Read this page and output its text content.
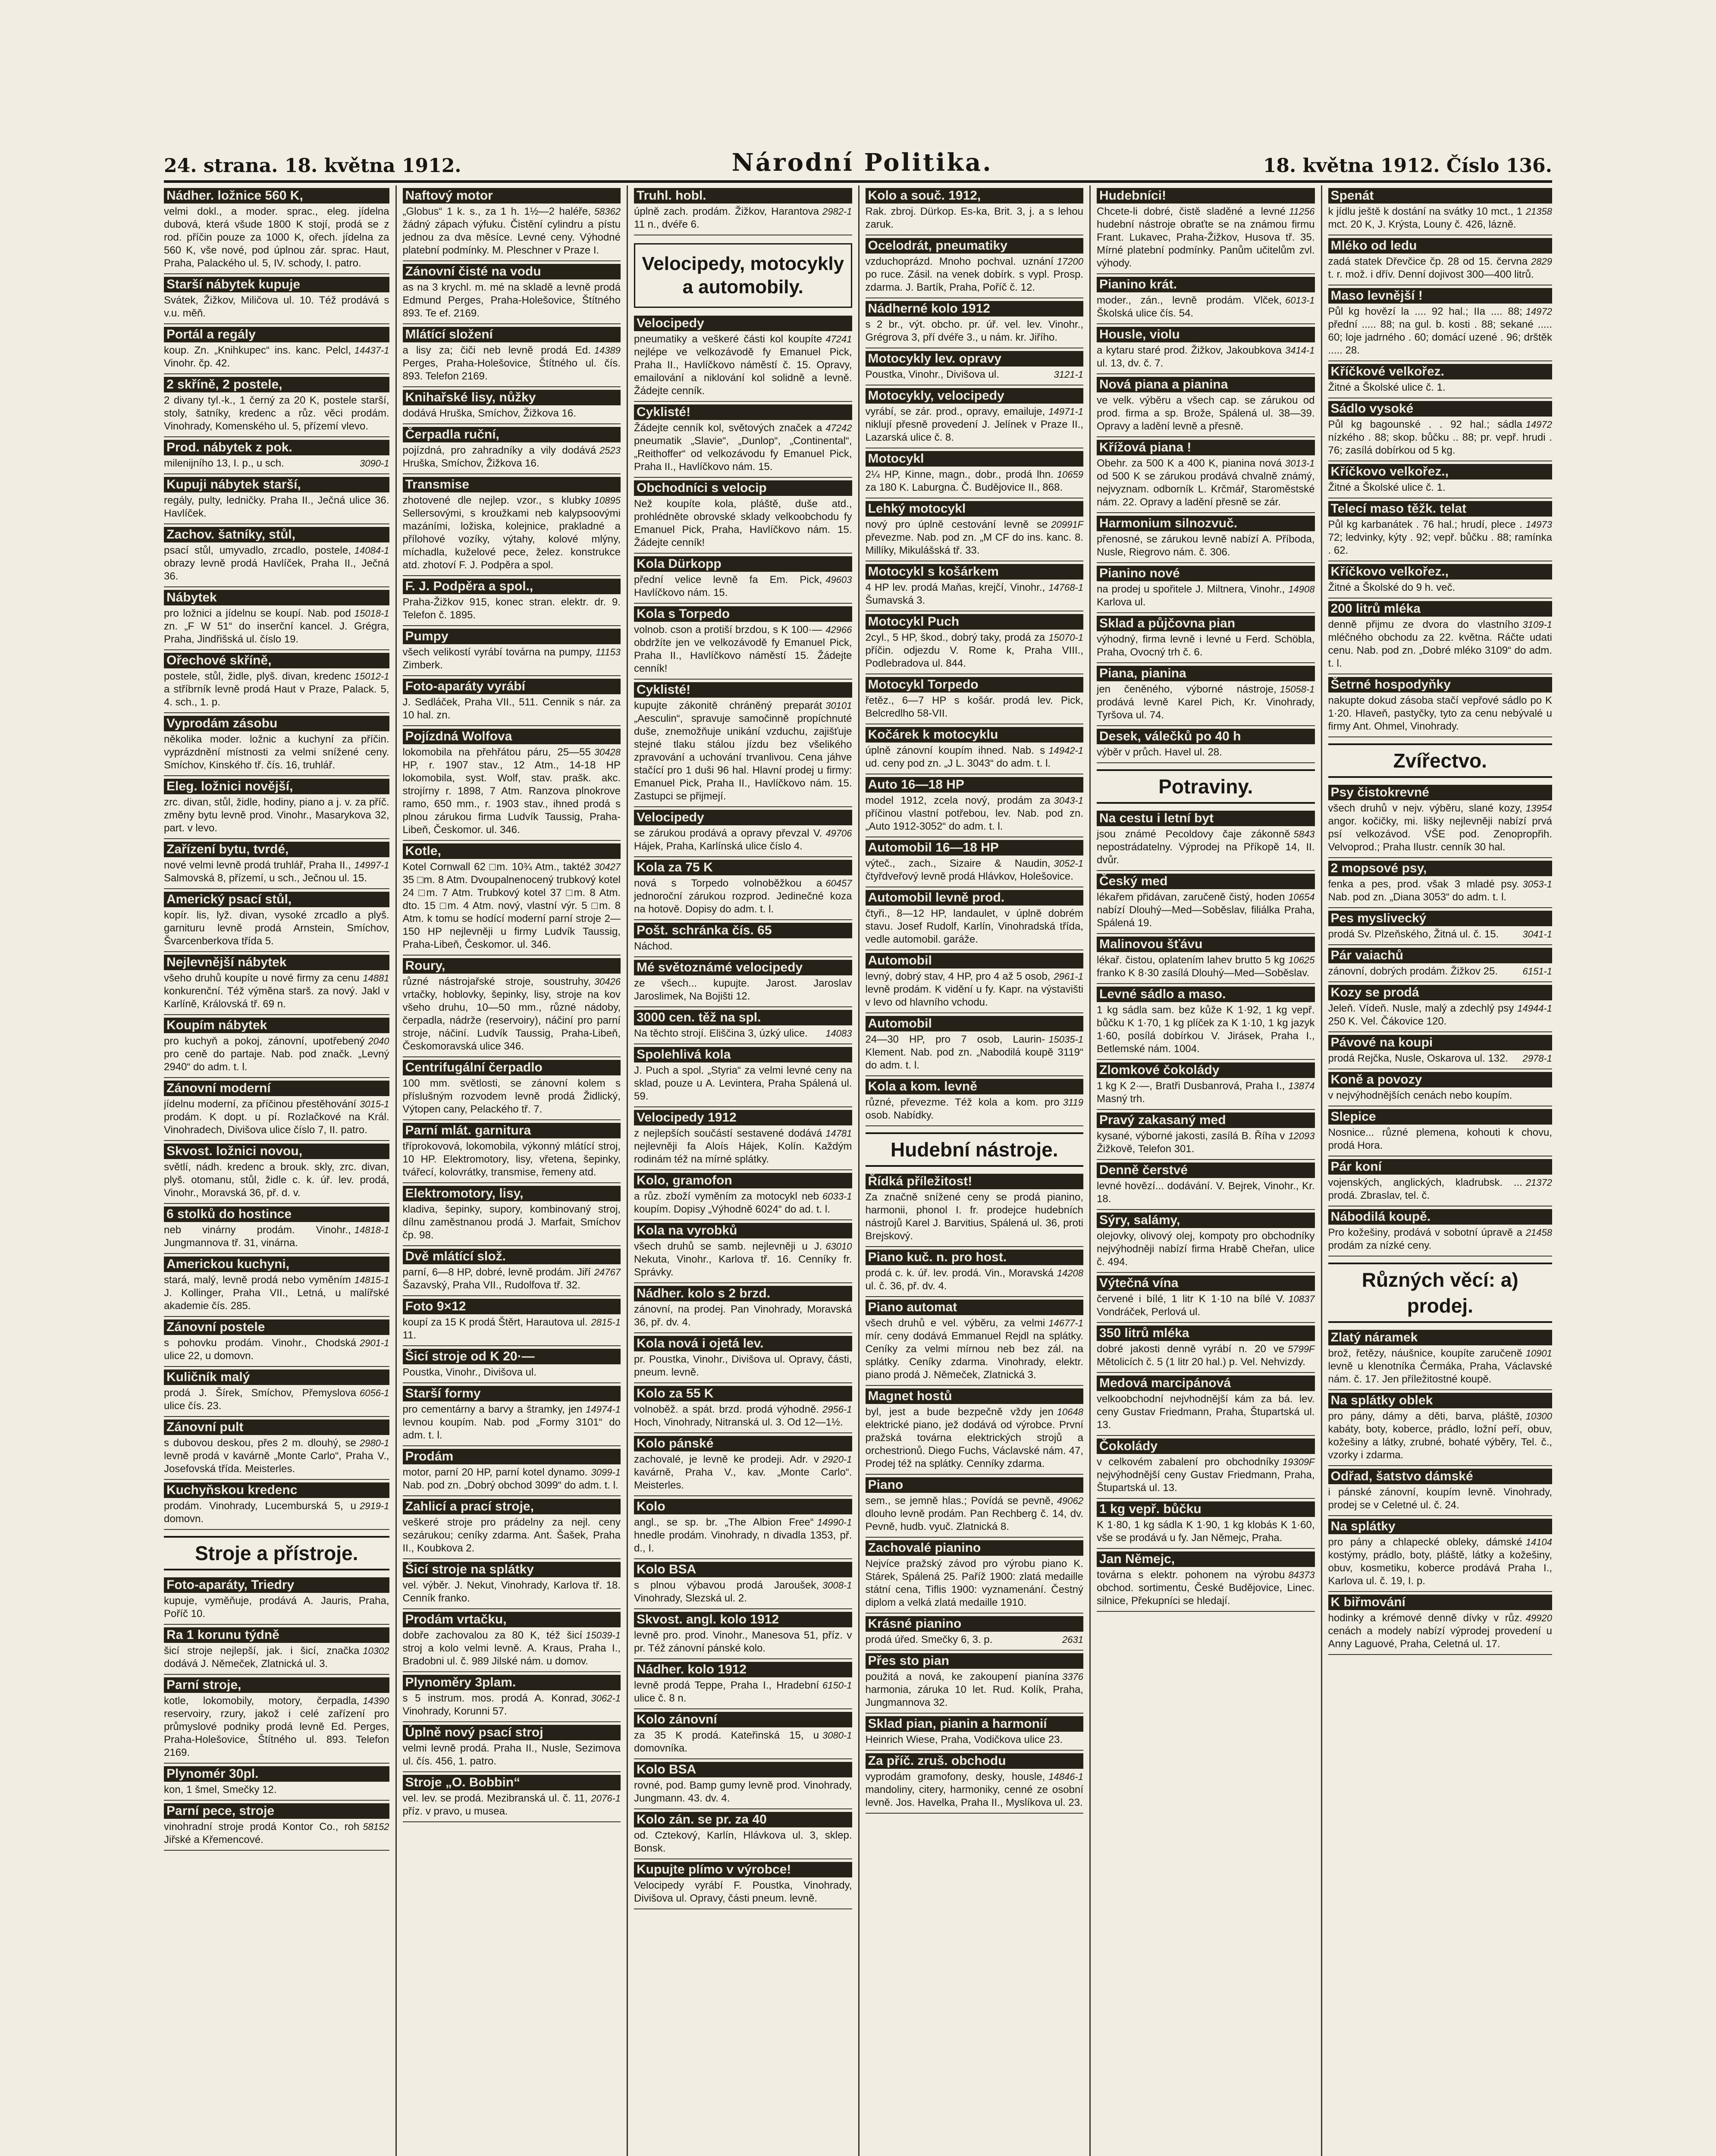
24. strana. 18. května 1912.	Národní Politika.	18. května 1912. Číslo 136.
Nádher. ložnice 560 K,
velmi dokl., a moder. sprac., eleg. jídelna dubová, která všude 1800 K stojí, prodá se z rod. příčin pouze za 1000 K, ořech. jídelna za 560 K, vše nové, pod úplnou zár. sprac. Haut, Praha, Palackého ul. 5, IV. schody, I. patro.
Starší nábytek kupuje
Svátek, Žižkov, Miličova ul. 10. Též prodává s v.u. měň.
Portál a regály
14437-1
koup. Zn. „Knihkupec“ ins. kanc. Pelcl, Vinohr. čp. 42.
2 skříně, 2 postele,
2 divany tyl.-k., 1 černý za 20 K, postele starší, stoly, šatníky, kredenc a růz. věci prodám. Vinohrady, Komenského ul. 5, přízemí vlevo.
Prod. nábytek z pok.
3090-1
milenijního 13, I. p., u sch.
Kupuji nábytek starší,
regály, pulty, ledničky. Praha II., Ječná ulice 36. Havlíček.
Zachov. šatníky, stůl,
14084-1
psací stůl, umyvadlo, zrcadlo, postele, obrazy levně prodá Havlíček, Praha II., Ječná 36.
Nábytek
15018-1
pro ložnici a jídelnu se koupí. Nab. pod zn. „F W 51“ do inserční kancel. J. Grégra, Praha, Jindřišská ul. číslo 19.
Ořechové skříně,
15012-1
postele, stůl, židle, plyš. divan, kredenc a stříbrník levně prodá Haut v Praze, Palack. 5, 4. sch., 1. p.
Vyprodám zásobu
několika moder. ložnic a kuchyní za příčin. vyprázdnění místnosti za velmi snížené ceny. Smíchov, Kinského tř. čís. 16, truhlář.
Eleg. ložnici novější,
zrc. divan, stůl, židle, hodiny, piano a j. v. za příč. změny bytu levně prod. Vinohr., Masarykova 32, part. v levo.
Zařízení bytu, tvrdé,
14997-1
nové velmi levně prodá truhlář, Praha II., Salmovská 8, přízemí, u sch., Ječnou ul. 15.
Americký psací stůl,
kopír. lis, lyž. divan, vysoké zrcadlo a plyš. garnituru levně prodá Arnstein, Smíchov, Švarcenberkova třída 5.
Nejlevnější nábytek
14881
všeho druhů koupíte u nové firmy za cenu konkurenční. Též výměna starš. za nový. Jakl v Karlíně, Královská tř. 69 n.
Koupím nábytek
2040
pro kuchyň a pokoj, zánovní, upotřebený pro ceně do partaje. Nab. pod značk. „Levný 2940“ do adm. t. l.
Zánovní moderní
3015-1
jídelnu moderní, za příčinou přestěhování prodám. K dopt. u pí. Rozlačkové na Král. Vinohradech, Divišova ulice číslo 7, II. patro.
Skvost. ložnici novou,
světlí, nádh. kredenc a brouk. skly, zrc. divan, plyš. otomanu, stůl, židle c. k. úř. lev. prodá, Vinohr., Moravská 36, př. d. v.
6 stolků do hostince
14818-1
neb vinárny prodám. Vinohr., Jungmannova tř. 31, vinárna.
Americkou kuchyni,
14815-1
stará, malý, levně prodá nebo vyměním J. Kollinger, Praha VII., Letná, u malířské akademie čís. 285.
Zánovní postele
2901-1
s pohovku prodám. Vinohr., Chodská ulice 22, u domovn.
Kuličník malý
6056-1
prodá J. Šírek, Smíchov, Přemyslova ulice čís. 23.
Zánovní pult
2980-1
s dubovou deskou, přes 2 m. dlouhý, se levně prodá v kavárně „Monte Carlo“, Praha V., Josefovská třída. Meisterles.
Kuchyňskou kredenc
2919-1
prodám. Vinohrady, Lucemburská 5, u domovn.
Stroje a přístroje.
Foto-aparáty, Triedry
kupuje, vyměňuje, prodává A. Jauris, Praha, Poříč 10.
Ra 1 korunu týdně
10302
šicí stroje nejlepší, jak. i šicí, značka dodává J. Němeček, Zlatnická ul. 3.
Parní stroje,
14390
kotle, lokomobily, motory, čerpadla, reservoiry, rzury, jakož i celé zařízení pro průmyslové podniky prodá levně Ed. Perges, Praha-Holešovice, Štítného ul. 893. Telefon 2169.
Plynomér 30pl.
kon, 1 šmel, Smečky 12.
Parní pece, stroje
58152
vinohradní stroje prodá Kontor Co., roh Jiřské a Křemencové.
Naftový motor
58362
„Globus“ 1 k. s., za 1 h. 1½—2 haléře, žádný zápach výfuku. Čistění cylindru a pístu jednou za dva měsíce. Levné ceny. Výhodné platební podmínky. M. Pleschner v Praze I.
Zánovní čisté na vodu
as na 3 krychl. m. mé na skladě a levně prodá Edmund Perges, Praha-Holešovice, Štítného 893. Te ef. 2169.
Mlátící složení
14389
a lisy za; čiči neb levně prodá Ed. Perges, Praha-Holešovice, Štítného ul. čís. 893. Telefon 2169.
Knihařské lisy, nůžky
dodává Hruška, Smíchov, Žižkova 16.
Čerpadla ruční,
2523
pojízdná, pro zahradníky a vily dodává Hruška, Smíchov, Žižkova 16.
Transmise
10895
zhotovené dle nejlep. vzor., s klubky Sellersovými, s kroužkami neb kalypsoovými mazáními, ložiska, kolejnice, prakladné a přílohové vozíky, výtahy, kolové mlýny, míchadla, kuželové pece, želez. konstrukce atd. zhotoví F. J. Podpěra a spol.
F. J. Podpěra a spol.,
Praha-Žižkov 915, konec stran. elektr. dr. 9. Telefon č. 1895.
Pumpy
11153
všech velikostí vyrábí továrna na pumpy, Zimberk.
Foto-aparáty vyrábí
J. Sedláček, Praha VII., 511. Cennik s nár. za 10 hal. zn.
Pojízdná Wolfova
30428
lokomobila na přehřátou páru, 25—55 HP, r. 1907 stav., 12 Atm., 14-18 HP lokomobila, syst. Wolf, stav. prašk. akc. strojírny r. 1898, 7 Atm. Ranzova plnokrove ramo, 650 mm., r. 1903 stav., ihned prodá s plnou zárukou firma Ludvík Taussig, Praha-Libeň, Českomor. ul. 346.
Kotle,
30427
Kotel Cornwall 62 □m. 10¾ Atm., taktéž 35 □m. 8 Atm. Dvoupalnenocený trubkový kotel 24 □m. 7 Atm. Trubkový kotel 37 □m. 8 Atm. dto. 15 □m. 4 Atm. nový, vlastní výr. 5 □m. 8 Atm. k tomu se hodící moderní parní stroje 2—150 HP nejlevněji u firmy Ludvík Taussig, Praha-Libeň, Českomor. ul. 346.
Roury,
30426
různé nástrojařské stroje, soustruhy, vrtačky, hoblovky, šepinky, lisy, stroje na kov všeho druhu, 10—50 mm., různé nádoby, čerpadla, nádrže (reservoiry), náčiní pro parní stroje, náčiní. Ludvík Taussig, Praha-Libeň, Českomoravská ulice 346.
Centrifugální čerpadlo
100 mm. světlosti, se zánovní kolem s příslušným rozvodem levně prodá Židlický, Výtopen cany, Pelackého tř. 7.
Parní mlát. garnitura
tříprokovová, lokomobila, výkonný mlátící stroj, 10 HP. Elektromotory, lisy, vřetena, šepinky, tvářecí, kolovrátky, transmise, řemeny atd.
Elektromotory, lisy,
kladiva, šepinky, supory, kombinovaný stroj, dílnu zaměstnanou prodá J. Marfait, Smíchov čp. 98.
Dvě mlátící slož.
24767
parní, 6—8 HP, dobré, levně prodám. Jiří Šazavský, Praha VII., Rudolfova tř. 32.
Foto 9×12
2815-1
koupí za 15 K prodá Štěrt, Harautova ul. 11.
Šicí stroje od K 20·—
Poustka, Vinohr., Divišova ul.
Starší formy
14974-1
pro cementárny a barvy a štramky, jen levnou koupím. Nab. pod „Formy 3101“ do adm. t. l.
Prodám
3099-1
motor, parní 20 HP, parní kotel dynamo. Nab. pod zn. „Dobrý obchod 3099“ do adm. t. l.
Zahlicí a prací stroje,
veškeré stroje pro prádelny za nejl. ceny sezárukou; ceníky zdarma. Ant. Šašek, Praha II., Koubkova 2.
Šicí stroje na splátky
vel. výběr. J. Nekut, Vinohrady, Karlova tř. 18. Cenník franko.
Prodám vrtačku,
15039-1
dobře zachovalou za 80 K, též šicí stroj a kolo velmi levně. A. Kraus, Praha I., Bradobni ul. č. 989 Jilské nám. u domov.
Plynoměry 3plam.
3062-1
s 5 instrum. mos. prodá A. Konrad, Vinohrady, Korunni 57.
Úplně nový psací stroj
velmi levně prodá. Praha II., Nusle, Sezimova ul. čís. 456, 1. patro.
Stroje „O. Bobbin“
2076-1
vel. lev. se prodá. Mezibranská ul. č. 11, příz. v pravo, u musea.
Truhl. hobl.
2982-1
úplně zach. prodám. Žižkov, Harantova 11 n., dvéře 6.
Velocipedy, motocykly a automobily.
Velocipedy
47241
pneumatiky a veškeré části kol koupíte nejlépe ve velkozávodě fy Emanuel Pick, Praha II., Havlíčkovo náměstí č. 15. Opravy, emailování a niklování kol solidně a levně. Žádejte cenník.
Cyklisté!
47242
Žádejte cenník kol, světových značek a pneumatik „Slavie“, „Dunlop“, „Continental“, „Reithoffer“ od velkozávodu fy Emanuel Pick, Praha II., Havlíčkovo nám. 15.
Obchodníci s velocip
Než koupíte kola, pláště, duše atd., prohlédněte obrovské sklady velkoobchodu fy Emanuel Pick, Praha, Havlíčkovo nám. 15. Žádejte cenník!
Kola Dürkopp
49603
přední velice levně fa Em. Pick, Havlíčkovo nám. 15.
Kola s Torpedo
42966
volnob. cson a protiší brzdou, s K 100·— obdržíte jen ve velkozávodě fy Emanuel Pick, Praha II., Havlíčkovo náměstí 15. Žádejte cenník!
Cyklisté!
30101
kupujte zákonitě chráněný preparát „Aesculin“, spravuje samočinně propíchnuté duše, znemožňuje unikání vzduchu, zajišťuje stejné tlaku stálou jízdu bez všelikého zpravování a uchování trvanlivou. Cena jáhve stačící pro 1 duši 96 hal. Hlavní prodej u firmy: Emanuel Pick, Praha II., Havlíčkovo nám. 15. Zastupci se přijmejí.
Velocipedy
49706
se zárukou prodává a opravy převzal V. Hájek, Praha, Karlínská ulice číslo 4.
Kola za 75 K
60457
nová s Torpedo volnoběžkou a jednoroční zárukou rozprod. Jedinečné koza na hotově. Dopisy do adm. t. l.
Pošt. schránka čís. 65
Náchod.
Mé světoznámé velocipedy
ze všech... kupujte. Jarost. Jaroslav Jaroslimek, Na Bojišti 12.
3000 cen. těž na spl.
14083
Na těchto strojí. Eliščina 3, úzký ulice.
Spolehlivá kola
J. Puch a spol. „Styria“ za velmi levné ceny na sklad, pouze u A. Levintera, Praha Spálená ul. 59.
Velocipedy 1912
14781
z nejlepších součástí sestavené dodává nejlevněji fa Aloís Hájek, Kolín. Každým rodinám též na mírné splátky.
Kolo, gramofon
6033-1
a růz. zboží vyměním za motocykl neb koupím. Dopisy „Výhodně 6024“ do ad. t. l.
Kola na vyrobků
63010
všech druhů se samb. nejlevněji u J. Nekuta, Vinohr., Karlova tř. 16. Cenníky fr. Správky.
Nádher. kolo s 2 brzd.
zánovní, na prodej. Pan Vinohrady, Moravská 36, př. dv. 4.
Kola nová i ojetá lev.
pr. Poustka, Vinohr., Divišova ul. Opravy, části, pneum. levně.
Kolo za 55 K
2956-1
volnoběž. a spát. brzd. prodá výhodně. Hoch, Vinohrady, Nitranská ul. 3. Od 12—1½.
Kolo pánské
2920-1
zachovalé, je levně ke prodeji. Adr. v kavárně, Praha V., kav. „Monte Carlo“. Meisterles.
Kolo
14990-1
angl., se sp. br. „The Albion Free“ hnedle prodám. Vinohrady, n divadla 1353, př. d., I.
Kolo BSA
3008-1
s plnou výbavou prodá Jaroušek, Vinohrady, Slezská ul. 2.
Skvost. angl. kolo 1912
levně pro. prod. Vinohr., Manesova 51, příz. v pr. Též zánovní pánské kolo.
Nádher. kolo 1912
6150-1
levně prodá Teppe, Praha I., Hradební ulice č. 8 n.
Kolo zánovní
3080-1
za 35 K prodá. Kateřinská 15, u domovníka.
Kolo BSA
rovné, pod. Bamp gumy levně prod. Vinohrady, Jungmann. 43. dv. 4.
Kolo zán. se pr. za 40
od. Cztekový, Karlín, Hlávkova ul. 3, sklep. Bonsk.
Kupujte plímo v výrobce!
Velocipedy vyrábí F. Poustka, Vinohrady, Divišova ul. Opravy, části pneum. levně.
Kolo a souč. 1912,
Rak. zbroj. Dürkop. Es-ka, Brit. 3, j. a s lehou zaruk.
Ocelodrát, pneumatiky
17200
vzduchoprázd. Mnoho pochval. uznání po ruce. Zásil. na venek dobírk. s vypl. Prosp. zdarma. J. Bartík, Praha, Poříč č. 12.
Nádherné kolo 1912
s 2 br., výt. obcho. pr. úř. vel. lev. Vinohr., Grégrova 3, pří dvéře 3., u nám. kr. Jiřího.
Motocykly lev. opravy
3121-1
Poustka, Vinohr., Divišova ul.
Motocykly, velocipedy
14971-1
vyrábí, se zár. prod., opravy, emailuje, niklují přesně provedení J. Jelínek v Praze II., Lazarská ulice č. 8.
Motocykl
10659
2¼ HP, Kinne, magn., dobr., prodá lhn. za 180 K. Laburgna. Č. Budějovice II., 868.
Lehký motocykl
20991F
nový pro úplně cestování levně se převezme. Nab. pod zn. „M CF do ins. kanc. 8. Millíky, Mikulášská tř. 33.
Motocykl s košárkem
14768-1
4 HP lev. prodá Maňas, krejčí, Vinohr., Šumavská 3.
Motocykl Puch
15070-1
2cyl., 5 HP, škod., dobrý taky, prodá za příčin. odjezdu V. Rome k, Praha VIII., Podlebradova ul. 844.
Motocykl Torpedo
řetěz., 6—7 HP s košár. prodá lev. Pick, Belcredlho 58-VII.
Kočárek k motocyklu
14942-1
úplně zánovní koupím ihned. Nab. s ud. ceny pod zn. „J L. 3043“ do adm. t. l.
Auto 16—18 HP
3043-1
model 1912, zcela nový, prodám za příčinou vlastní potřebou, lev. Nab. pod zn. „Auto 1912-3052“ do adm. t. l.
Automobil 16—18 HP
3052-1
výteč., zach., Sizaire & Naudin, čtyřdveřový levně prodá Hlávkov, Holešovice.
Automobil levně prod.
čtyři., 8—12 HP, landaulet, v úplně dobrém stavu. Josef Rudolf, Karlín, Vinohradská třída, vedle automobil. garáže.
Automobil
2961-1
levný, dobrý stav, 4 HP, pro 4 až 5 osob, levně prodám. K vidění u fy. Kapr. na výstavišti v levo od hlavního vchodu.
Automobil
15035-1
24—30 HP, pro 7 osob, Laurin-Klement. Nab. pod zn. „Nabodilá koupě 3119“ do adm. t. l.
Kola a kom. levně
3119
různé, převezme. Též kola a kom. pro osob. Nabídky.
Hudební nástroje.
Řídká příležitost!
Za značně snížené ceny se prodá pianino, harmonii, phonol I. fr. prodejce hudebních nástrojů Karel J. Barvitius, Spálená ul. 36, proti Brejskový.
Piano kuč. n. pro host.
14208
prodá c. k. úř. lev. prodá. Vin., Moravská ul. č. 36, př. dv. 4.
Piano automat
14677-1
všech druhů e vel. výběru, za velmi mír. ceny dodává Emmanuel Rejdl na splátky. Ceníky za velmi mírnou neb bez zál. na splátky. Ceníky zdarma. Vinohrady, elektr. piano prodá J. Němeček, Zlatnická 3.
Magnet hostů
10648
byl, jest a bude bezpečně vždy jen elektrické piano, jež dodává od výrobce. První pražská továrna elektrických strojů a orchestrionů. Diego Fuchs, Václavské nám. 47, Prodej též na splátky. Cenníky zdarma.
Piano
49062
sem., se jemně hlas.; Povídá se pevně, dlouho levně prodám. Pan Rechberg č. 14, dv. Pevně, hudb. vyuč. Zlatnická 8.
Zachovalé pianino
Nejvíce pražský závod pro výrobu piano K. Stárek, Spálená 25. Paříž 1900: zlatá medaille státní cena, Tiflis 1900: vyznamenání. Čestný diplom a velká zlatá medaille 1910.
Krásné pianino
2631
prodá úřed. Smečky 6, 3. p.
Přes sto pian
3376
použitá a nová, ke zakoupení pianína harmonia, záruka 10 let. Rud. Kolík, Praha, Jungmannova 32.
Sklad pian, pianin a harmonií
Heinrich Wiese, Praha, Vodičkova ulice 23.
Za příč. zruš. obchodu
14846-1
vyprodám gramofony, desky, housle, mandoliny, citery, harmoniky, cenné ze osobní levně. Jos. Havelka, Praha II., Myslíkova ul. 23.
Hudebníci!
11256
Chcete-li dobré, čistě sladěné a levné hudební nástroje obraťte se na známou firmu Frant. Lukavec, Praha-Žižkov, Husova tř. 35. Mírné platební podmínky. Panům učitelům zvl. výhody.
Pianino krát.
6013-1
moder., zán., levně prodám. Vlček, Školská ulice čís. 54.
Housle, violu
3414-1
a kytaru staré prod. Žižkov, Jakoubkova ul. 13, dv. č. 7.
Nová piana a pianina
ve velk. výběru a všech cap. se zárukou od prod. firma a sp. Brože, Spálená ul. 38—39. Opravy a ladění levně a přesně.
Křížová piana !
3013-1
Obehr. za 500 K a 400 K, pianina nová od 500 K se zárukou prodává chvalně známý, nejvyznam. odborník L. Krčmář, Staroměstské nám. 22. Opravy a ladění přesně se zár.
Harmonium silnozvuč.
přenosné, se zárukou levně nabízí A. Příboda, Nusle, Riegrovo nám. č. 306.
Pianino nové
14908
na prodej u spořitele J. Miltnera, Vinohr., Karlova ul.
Sklad a půjčovna pian
výhodný, firma levně i levné u Ferd. Schöbla, Praha, Ovocný trh č. 6.
Piana, pianina
15058-1
jen čeněného, výborné nástroje, prodává levně Karel Pich, Kr. Vinohrady, Tyršova ul. 74.
Desek, válečků po 40 h
výběr v průch. Havel ul. 28.
Potraviny.
Na cestu i letní byt
5843
jsou známé Pecoldovy čaje zákonně nepostrádatelny. Výprodej na Příkopě 14, II. dvůr.
Český med
10654
lékařem přidávan, zaručeně čistý, hoden nabízí Dlouhý—Med—Soběslav, filiálka Praha, Spálená 19.
Malinovou šťávu
10625
lékař. čistou, oplatením lahev brutto 5 kg franko K 8·30 zasílá Dlouhý—Med—Soběslav.
Levné sádlo a maso.
1 kg sádla sam. bez kůže K 1·92, 1 kg vepř. bůčku K 1·70, 1 kg plíček za K 1·10, 1 kg jazyk 1·60, posílá dobírkou V. Jirásek, Praha I., Betlemské nám. 1004.
Zlomkové čokolády
13874
1 kg K 2·—, Bratři Dusbanrová, Praha I., Masný trh.
Pravý zakasaný med
12093
kysané, výborné jakosti, zasílá B. Říha v Žižkově, Telefon 301.
Denně čerstvé
levné hovězí... dodávání. V. Bejrek, Vinohr., Kr. 18.
Sýry, salámy,
olejovky, olivový olej, kompoty pro obchodníky nejvýhodněji nabízí firma Hrabě Cheřan, ulice č. 494.
Výtečná vína
10837
červené i bílé, 1 litr K 1·10 na bílé V. Vondráček, Perlová ul.
350 litrů mléka
5799F
dobré jakosti denně vyrábí n. 20 ve Mětolicích č. 5 (1 litr 20 hal.) p. Vel. Nehvizdy.
Medová marcipánová
velkoobchodní nejvhodnější kám za bá. lev. ceny Gustav Friedmann, Praha, Štupartská ul. 13.
Čokolády
19309F
v celkovém zabalení pro obchodníky nejvýhodnější ceny Gustav Friedmann, Praha, Štupartská ul. 13.
1 kg vepř. bůčku
K 1·80, 1 kg sádla K 1·90, 1 kg klobás K 1·60, vše se prodává u fy. Jan Němejc, Praha.
Jan Němejc,
84373
továrna s elektr. pohonem na výrobu obchod. sortimentu, České Budějovice, Linec. silnice, Překupníci se hledají.
Spenát
21358
k jídlu ještě k dostání na svátky 10 mct., 1 mct. 20 K, J. Krýsta, Louny č. 426, lázně.
Mléko od ledu
2829
zadá statek Dřevčice čp. 28 od 15. června t. r. mož. i dřív. Denní dojivost 300—400 litrů.
Maso levnější !
14972
Půl kg hovězí la .... 92 hal.; IIa .... 88; přední ..... 88; na gul. b. kosti . 88; sekané ..... 60; loje jadrného . 60; domácí uzené . 96; drštěk ..... 28.
Kříčkové velkořez.
Žitné a Školské ulice č. 1.
Sádlo vysoké
14972
Půl kg bagounské . . 92 hal.; sádla nízkého . 88; skop. bůčku .. 88; pr. vepř. hrudi . 76; zasílá dobírkou od 5 kg.
Kříčkovo velkořez.,
Žitné a Školské ulice č. 1.
Telecí maso těžk. telat
14973
Půl kg karbanátek . 76 hal.; hrudí, plece . 72; ledvinky, kýty . 92; vepř. bůčku . 88; ramínka . 62.
Kříčkovo velkořez.,
Žitné a Školské do 9 h. več.
200 litrů mléka
3109-1
denně přijmu ze dvora do vlastního mléčného obchodu za 22. května. Ráčte udati cenu. Nab. pod zn. „Dobré mléko 3109“ do adm. t. l.
Šetrné hospodyňky
nakupte dokud zásoba stačí vepřové sádlo po K 1·20. Hlaveň, pastyčky, tyto za cenu nebývalé u firmy Ant. Ohmel, Vinohrady.
Zvířectvo.
Psy čistokrevné
13954
všech druhů v nejv. výběru, slané kozy, angor. kočičky, mi. lišky nejlevněji nabízí prvá psí velkozávod. VŠE pod. Zenopropřih. Velvoprod.; Praha Ilustr. cenník 30 hal.
2 mopsové psy,
3053-1
fenka a pes, prod. však 3 mladé psy. Nab. pod zn. „Diana 3053“ do adm. t. l.
Pes myslivecký
3041-1
prodá Sv. Plzeňského, Žitná ul. č. 15.
Pár vaiachů
6151-1
zánovní, dobrých prodám. Žižkov 25.
Kozy se prodá
14944-1
Jeleň. Vídeň. Nusle, malý a zdechlý psy 250 K. Vel. Čákovice 120.
Pávové na koupi
2978-1
prodá Rejčka, Nusle, Oskarova ul. 132.
Koně a povozy
v nejvýhodnějších cenách nebo koupím.
Slepice
Nosnice... různé plemena, kohouti k chovu, prodá Hora.
Pár koní
21372
vojenských, anglických, kladrubsk. ... prodá. Zbraslav, tel. č.
Nábodilá koupě.
21458
Pro kožešiny, prodává v sobotní úpravě a prodám za nízké ceny.
Různých věcí: a) prodej.
Zlatý náramek
10901
brož, řetězy, náušnice, koupíte zaručeně levně u klenotníka Čermáka, Praha, Václavské nám. č. 17. Jen příležitostné koupě.
Na splátky oblek
10300
pro pány, dámy a děti, barva, pláště, kabáty, boty, koberce, prádlo, ložní peří, obuv, kožešiny a látky, zrubné, bohaté výběry, Tel. č., vzorky i zdarma.
Odřad, šatstvo dámské
i pánské zánovní, koupím levně. Vinohrady, prodej se v Celetné ul. č. 24.
Na splátky
14104
pro pány a chlapecké obleky, dámské kostýmy, prádlo, boty, pláště, látky a kožešiny, obuv, kosmetiku, koberce prodává Praha I., Karlova ul. č. 19, I. p.
K biřmování
49920
hodinky a krémové denně dívky v růz. cenách a modely nabízí výprodej provedení u Anny Laguové, Praha, Celetná ul. 17.
